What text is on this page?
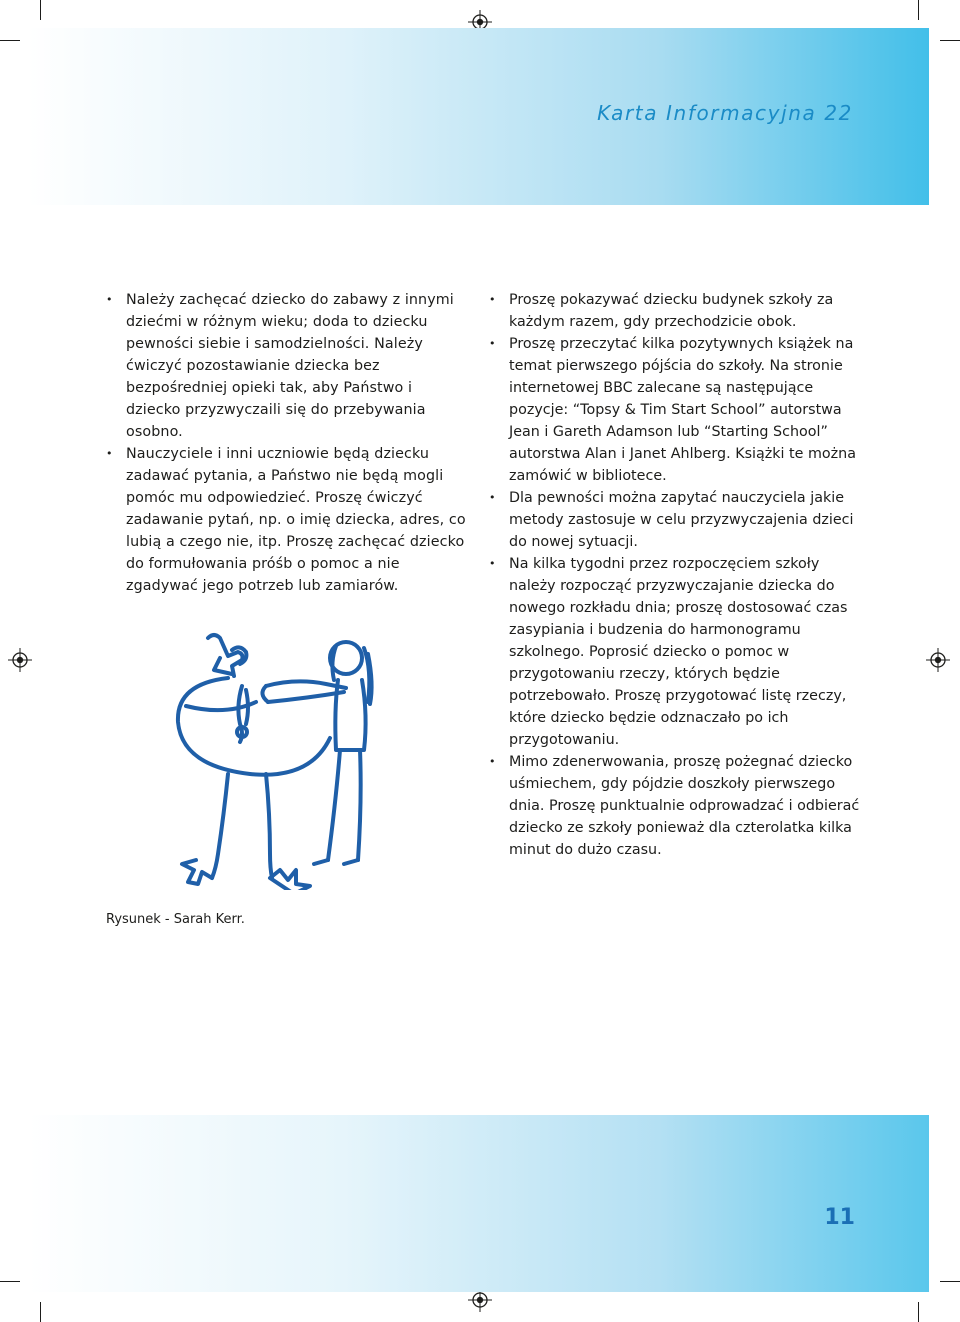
Karta Informacyjna 22
• Należy zachęcać dziecko do zabawy z innymi dziećmi w różnym wieku; doda to dziecku pewności siebie i samodzielności. Należy ćwiczyć pozostawianie dziecka bez bezpośredniej opieki tak, aby Państwo i dziecko przyzwyczaili się do przebywania osobno.
• Nauczyciele i inni uczniowie będą dziecku zadawać pytania, a Państwo nie będą mogli pomóc mu odpowiedzieć. Proszę ćwiczyć zadawanie pytań, np. o imię dziecka, adres, co lubią a czego nie, itp. Proszę zachęcać dziecko do formułowania próśb o pomoc a nie zgadywać jego potrzeb lub zamiarów.
• Proszę pokazywać dziecku budynek szkoły za każdym razem, gdy przechodzicie obok.
• Proszę przeczytać kilka pozytywnych książek na temat pierwszego pójścia do szkoły. Na stronie internetowej BBC zalecane są następujące pozycje: “Topsy & Tim Start School” autorstwa Jean i Gareth Adamson lub “Starting School” autorstwa Alan i Janet Ahlberg. Książki te można zamówić w bibliotece.
• Dla pewności można zapytać nauczyciela jakie metody zastosuje w celu przyzwyczajenia dzieci do nowej sytuacji.
• Na kilka tygodni przez rozpoczęciem szkoły należy rozpocząć przyzwyczajanie dziecka do nowego rozkładu dnia; proszę dostosować czas zasypiania i budzenia do harmonogramu szkolnego. Poprosić dziecko o pomoc w przygotowaniu rzeczy, których będzie potrzebowało. Proszę przygotować listę rzeczy, które dziecko będzie odznaczało po ich przygotowaniu.
• Mimo zdenerwowania, proszę pożegnać dziecko uśmiechem, gdy pójdzie doszkoły pierwszego dnia. Proszę punktualnie odprowadzać i odbierać dziecko ze szkoły ponieważ dla czterolatka kilka minut do dużo czasu.
Rysunek - Sarah Kerr.
11
